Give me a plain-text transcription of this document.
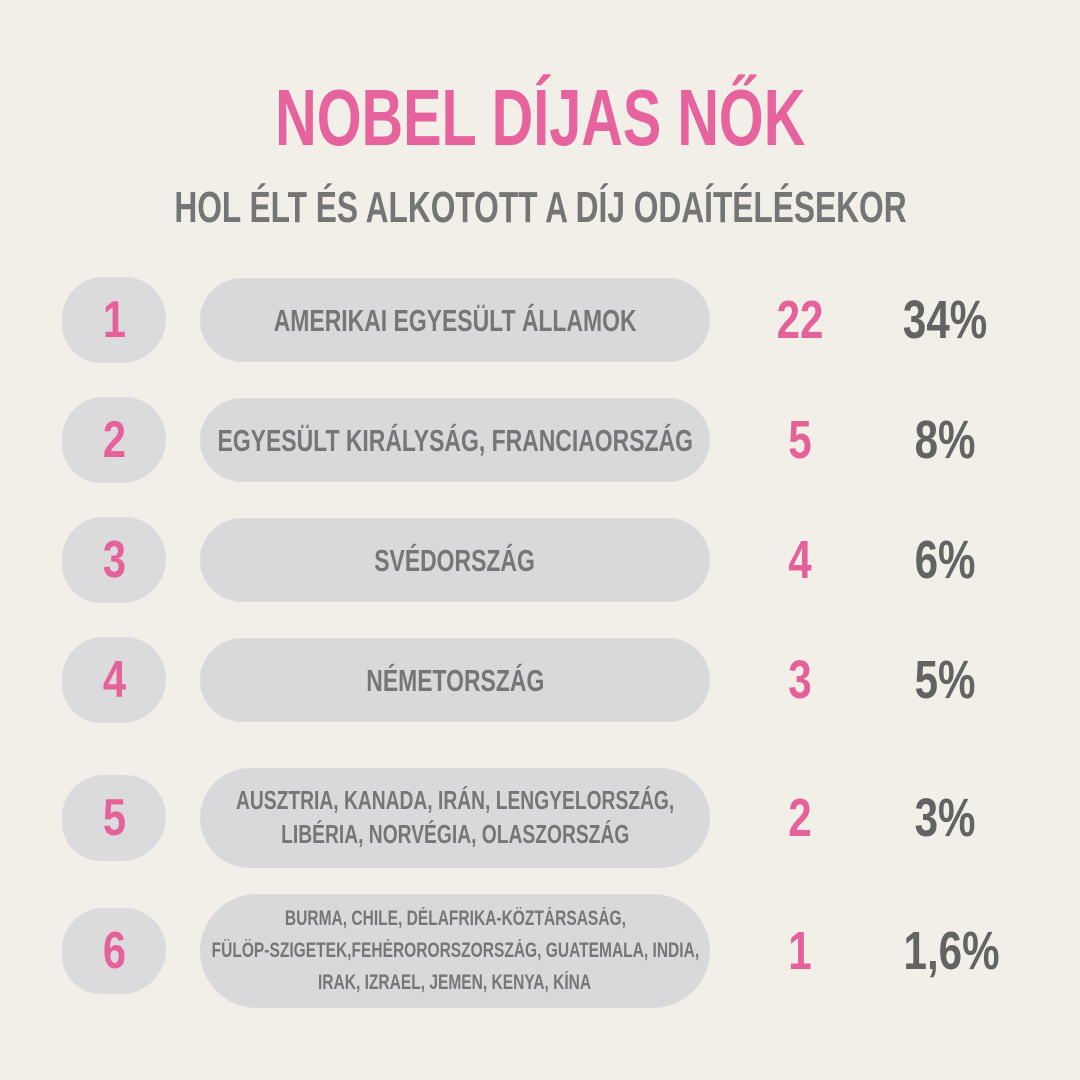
NOBEL DÍJAS NŐK
HOL ÉLT ÉS ALKOTOTT A DÍJ ODAÍTÉLÉSEKOR
1	AMERIKAI EGYESÜLT ÁLLAMOK	22	34%
2	EGYESÜLT KIRÁLYSÁG, FRANCIAORSZÁG	5	8%
3	SVÉDORSZÁG	4	6%
4	NÉMETORSZÁG	3	5%
5	AUSZTRIA, KANADA, IRÁN, LENGYELORSZÁG,
LIBÉRIA, NORVÉGIA, OLASZORSZÁG	2	3%
6
BURMA, CHILE, DÉLAFRIKA-KÖZTÁRSASÁG,
FÜLÖP-SZIGETEK,FEHÉRORORSZORSZÁG, GUATEMALA, INDIA,
IRAK, IZRAEL, JEMEN, KENYA, KÍNA
1	1,6%
